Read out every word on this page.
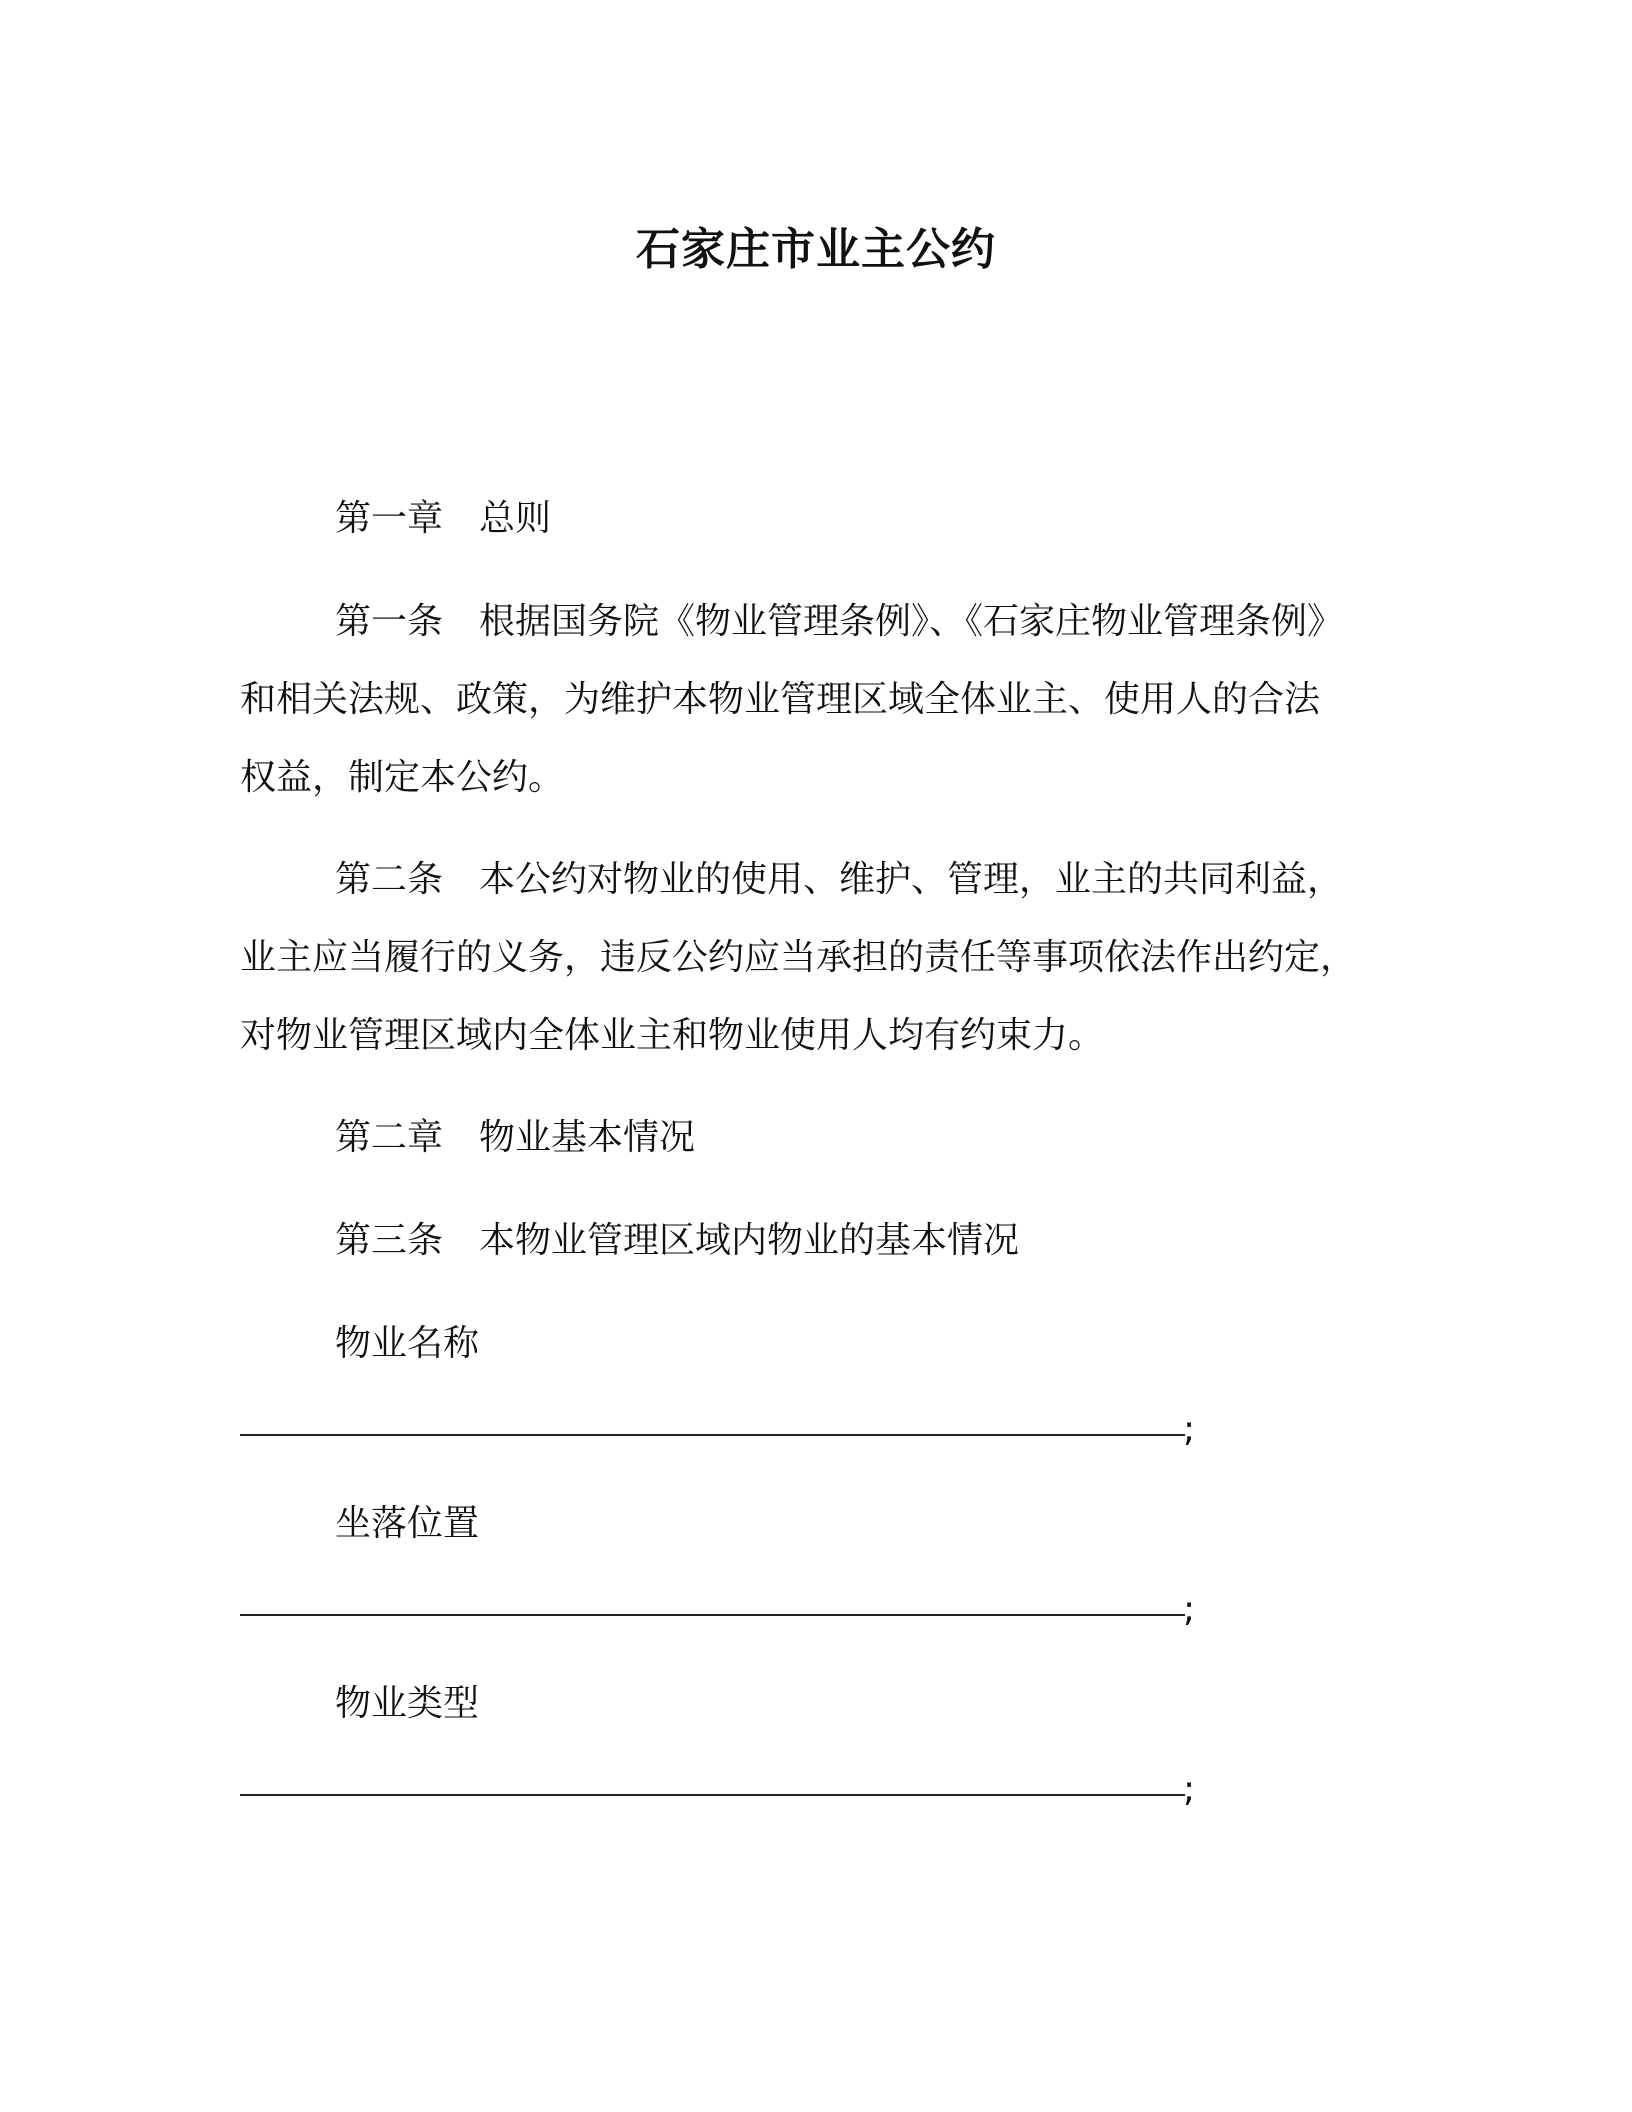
石家庄市业主公约
第一章 总则
第一条 根据国务院《物业管理条例》、《石家庄物业管理条例》
和相关法规、政策，为维护本物业管理区域全体业主、使用人的合法
权益，制定本公约。
第二条 本公约对物业的使用、维护、管理，业主的共同利益，
业主应当履行的义务，违反公约应当承担的责任等事项依法作出约定，
对物业管理区域内全体业主和物业使用人均有约束力。
第二章 物业基本情况
第三条 本物业管理区域内物业的基本情况
物业名称
;
坐落位置
;
物业类型
;
